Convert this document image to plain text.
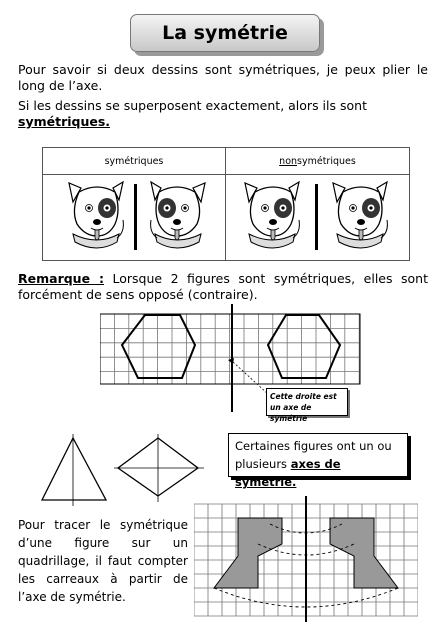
La symétrie
Pour savoir si deux dessins sont symétriques, je peux plier le long de l’axe.
Si les dessins se superposent exactement, alors ils sont
symétriques.
symétriques	non symétriques
Remarque : Lorsque 2 figures sont symétriques, elles sont forcément de sens opposé (contraire).
Cette droite est un axe de symétrie
Certaines figures ont un ou plusieurs axes de symétrie.
Pour tracer le symétrique d’une figure sur un quadrillage, il faut compter les carreaux à partir de l’axe de symétrie.
